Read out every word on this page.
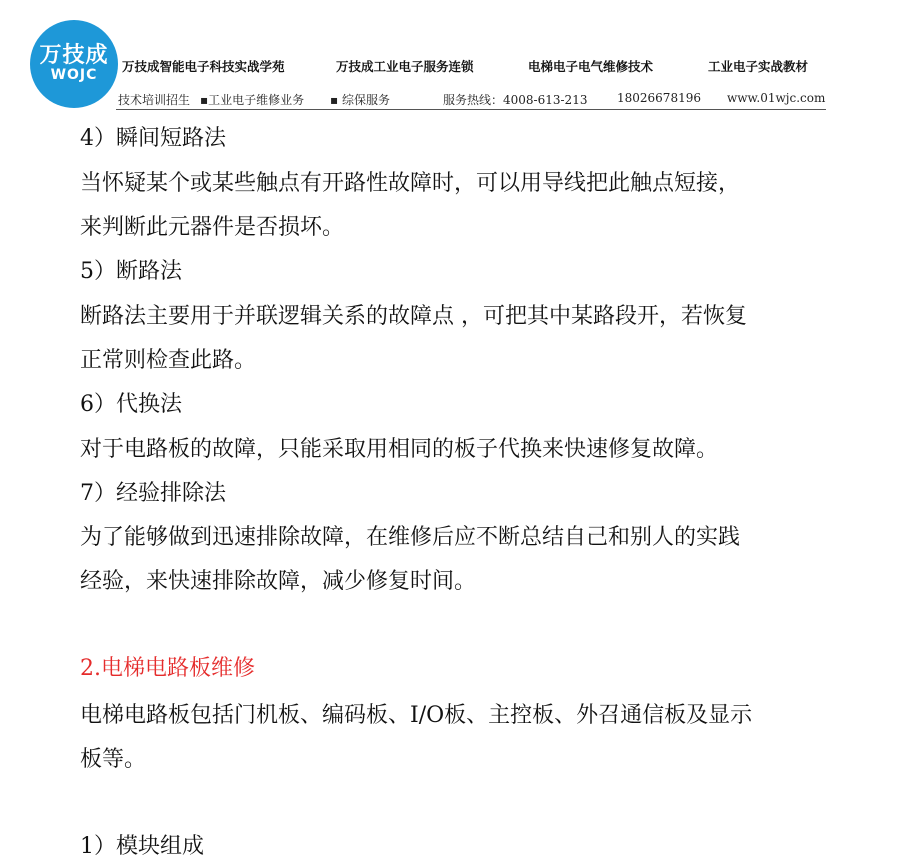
万技成
TM
WOJC
万技成智能电子科技实战学苑	万技成工业电子服务连锁	电梯电子电气维修技术	工业电子实战教材
技术培训招生 ▪工业电子维修业务 ▪ 综保服务	服务热线：4008-613-213 18026678196 www.01wjc.com
4）瞬间短路法
当怀疑某个或某些触点有开路性故障时，可以用导线把此触点短接，
来判断此元器件是否损坏。
5）断路法
断路法主要用于并联逻辑关系的故障点 ，可把其中某路段开，若恢复
正常则检查此路。
6）代换法
对于电路板的故障，只能采取用相同的板子代换来快速修复故障。
7）经验排除法
为了能够做到迅速排除故障，在维修后应不断总结自己和别人的实践
经验，来快速排除故障，减少修复时间。
2.电梯电路板维修
电梯电路板包括门机板、编码板、I/O板、主控板、外召通信板及显示
板等。
1）模块组成
